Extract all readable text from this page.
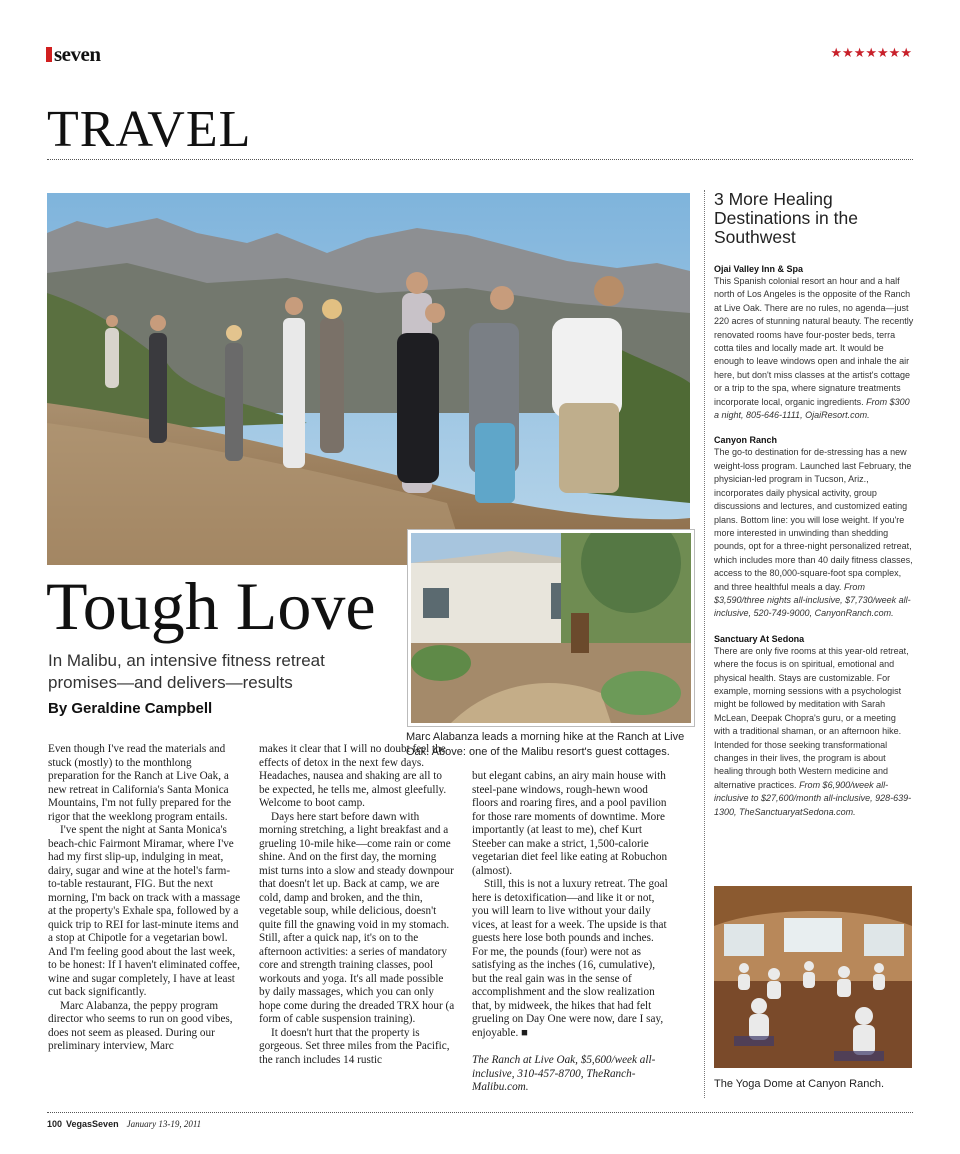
seven	★★★★★★★
TRAVEL
Tough Love
In Malibu, an intensive fitness retreat promises—and delivers—results
By Geraldine Campbell
Marc Alabanza leads a morning hike at the Ranch at Live Oak. Above: one of the Malibu resort's guest cottages.

Even though I've read the materials and stuck (mostly) to the monthlong preparation for the Ranch at Live Oak, a new retreat in California's Santa Monica Mountains, I'm not fully prepared for the rigor that the weeklong program entails.

I've spent the night at Santa Monica's beach-chic Fairmont Miramar, where I've had my first slip-up, indulging in meat, dairy, sugar and wine at the hotel's farm-to-table restaurant, FIG. But the next morning, I'm back on track with a massage at the property's Exhale spa, followed by a quick trip to REI for last-minute items and a stop at Chipotle for a vegetarian bowl. And I'm feeling good about the last week, to be honest: If I haven't eliminated coffee, wine and sugar completely, I have at least cut back significantly.

Marc Alabanza, the peppy program director who seems to run on good vibes, does not seem as pleased. During our preliminary interview, Marc

makes it clear that I will no doubt feel the effects of detox in the next few days. Headaches, nausea and shaking are all to be expected, he tells me, almost gleefully. Welcome to boot camp.

Days here start before dawn with morning stretching, a light breakfast and a grueling 10-mile hike—come rain or come shine. And on the first day, the morning mist turns into a slow and steady downpour that doesn't let up. Back at camp, we are cold, damp and broken, and the thin, vegetable soup, while delicious, doesn't quite fill the gnawing void in my stomach. Still, after a quick nap, it's on to the afternoon activities: a series of mandatory core and strength training classes, pool workouts and yoga. It's all made possible by daily massages, which you can only hope come during the dreaded TRX hour (a form of cable suspension training).

It doesn't hurt that the property is gorgeous. Set three miles from the Pacific, the ranch includes 14 rustic

but elegant cabins, an airy main house with steel-pane windows, rough-hewn wood floors and roaring fires, and a pool pavilion for those rare moments of downtime. More importantly (at least to me), chef Kurt Steeber can make a strict, 1,500-calorie vegetarian diet feel like eating at Robuchon (almost).

Still, this is not a luxury retreat. The goal here is detoxification—and like it or not, you will learn to live without your daily vices, at least for a week. The upside is that guests here lose both pounds and inches. For me, the pounds (four) were not as satisfying as the inches (16, cumulative), but the real gain was in the sense of accomplishment and the slow realization that, by midweek, the hikes that had felt grueling on Day One were now, dare I say, enjoyable. ■

The Ranch at Live Oak, $5,600/week all-inclusive, 310-457-8700, TheRanch-Malibu.com.

3 More Healing Destinations in the Southwest
Ojai Valley Inn & Spa
This Spanish colonial resort an hour and a half north of Los Angeles is the opposite of the Ranch at Live Oak. There are no rules, no agenda—just 220 acres of stunning natural beauty. The recently renovated rooms have four-poster beds, terra cotta tiles and locally made art. It would be enough to leave windows open and inhale the air here, but don't miss classes at the artist's cottage or a trip to the spa, where signature treatments incorporate local, organic ingredients. From $300 a night, 805-646-1111, OjaiResort.com.
Canyon Ranch
The go-to destination for de-stressing has a new weight-loss program. Launched last February, the physician-led program in Tucson, Ariz., incorporates daily physical activity, group discussions and lectures, and customized eating plans. Bottom line: you will lose weight. If you're more interested in unwinding than shedding pounds, opt for a three-night personalized retreat, which includes more than 40 daily fitness classes, access to the 80,000-square-foot spa complex, and three healthful meals a day. From $3,590/three nights all-inclusive, $7,730/week all-inclusive, 520-749-9000, CanyonRanch.com.
Sanctuary At Sedona
There are only five rooms at this year-old retreat, where the focus is on spiritual, emotional and physical health. Stays are customizable. For example, morning sessions with a psychologist might be followed by meditation with Sarah McLean, Deepak Chopra's guru, or a meeting with a traditional shaman, or an afternoon hike. Intended for those seeking transformational changes in their lives, the program is about healing through both Western medicine and alternative practices. From $6,900/week all-inclusive to $27,600/month all-inclusive, 928-639-1300, TheSanctuaryatSedona.com.
The Yoga Dome at Canyon Ranch.
100 VegasSeven January 13-19, 2011
